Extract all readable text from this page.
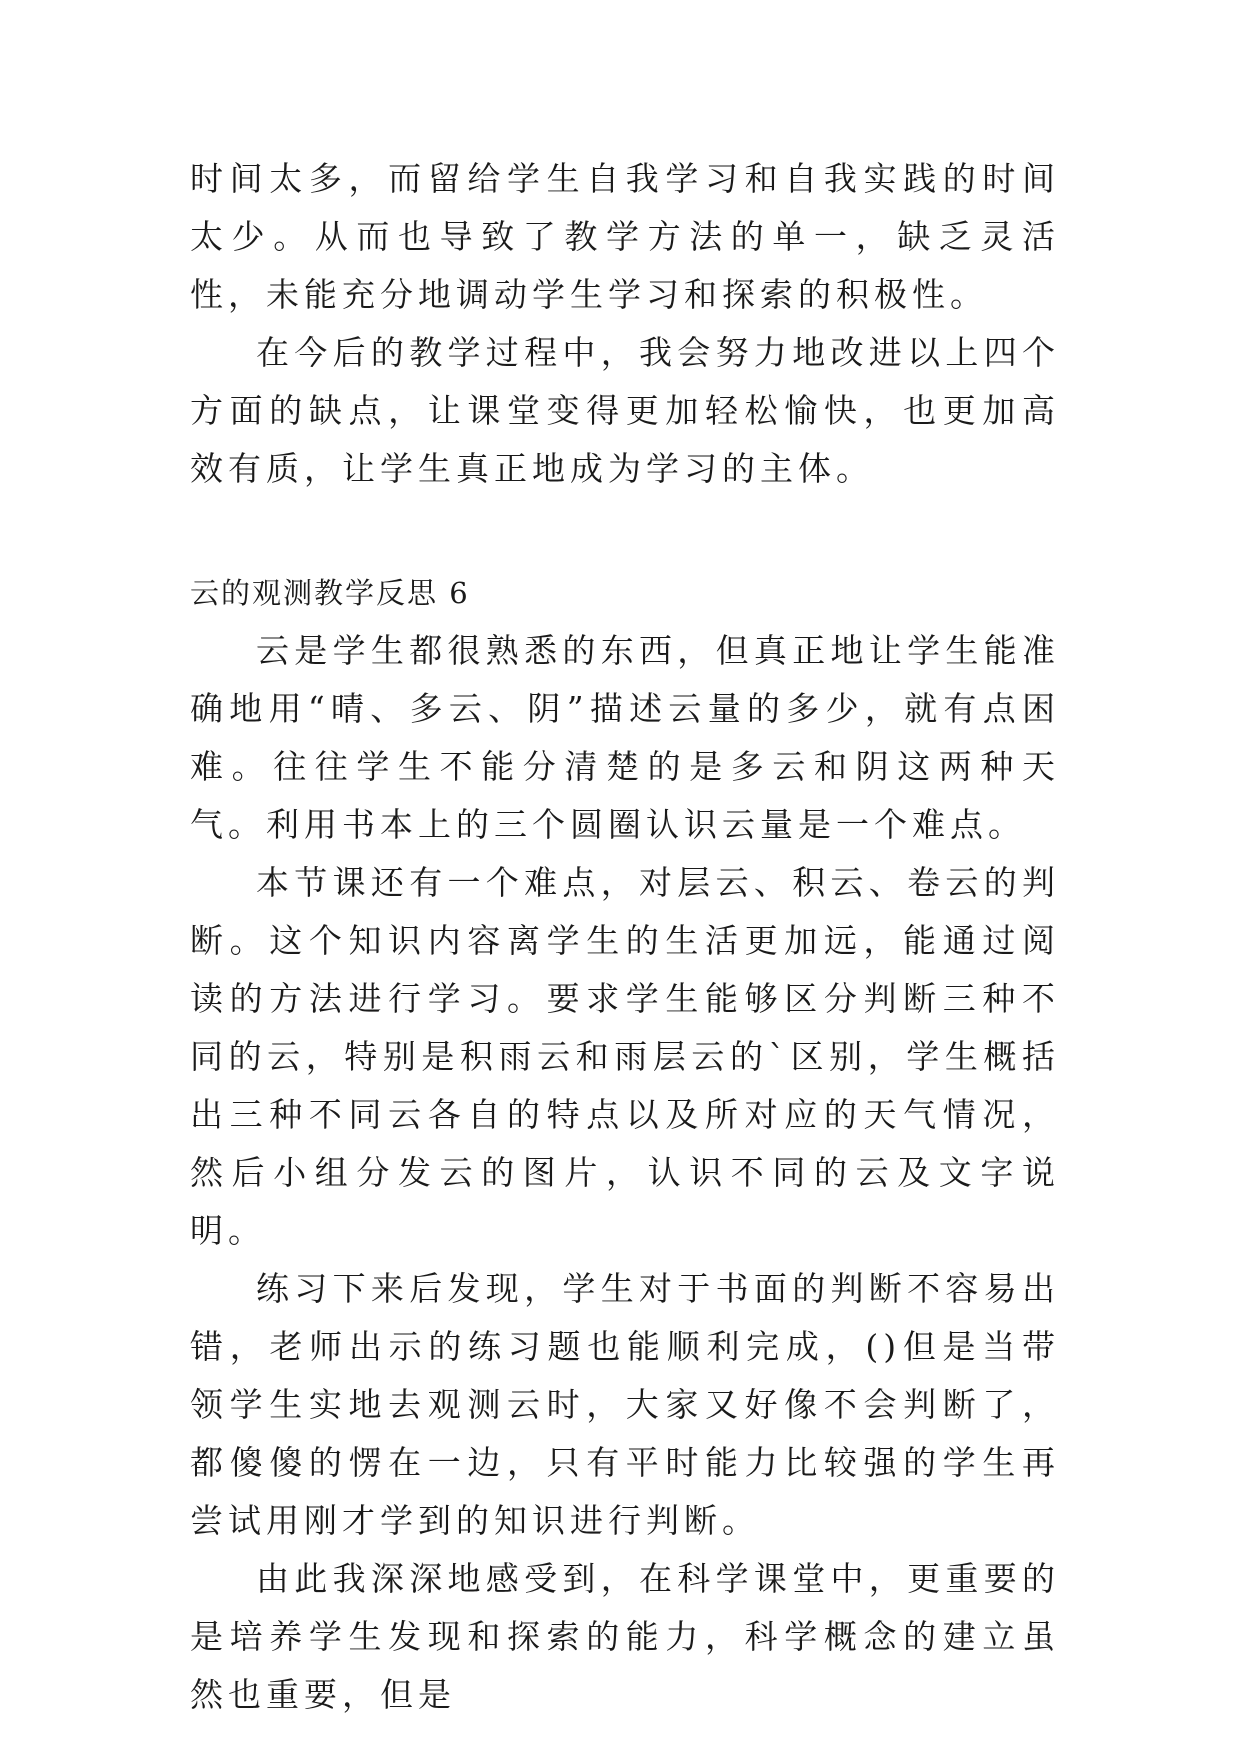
时间太多，而留给学生自我学习和自我实践的时间太少。从而也导致了教学方法的单一，缺乏灵活性，未能充分地调动学生学习和探索的积极性。

在今后的教学过程中，我会努力地改进以上四个方面的缺点，让课堂变得更加轻松愉快，也更加高效有质，让学生真正地成为学习的主体。

云的观测教学反思 6

云是学生都很熟悉的东西，但真正地让学生能准确地用“晴、多云、阴”描述云量的多少，就有点困难。往往学生不能分清楚的是多云和阴这两种天气。利用书本上的三个圆圈认识云量是一个难点。

本节课还有一个难点，对层云、积云、卷云的判断。这个知识内容离学生的生活更加远，能通过阅读的方法进行学习。要求学生能够区分判断三种不同的云，特别是积雨云和雨层云的`区别，学生概括出三种不同云各自的特点以及所对应的天气情况，然后小组分发云的图片，认识不同的云及文字说明。

练习下来后发现，学生对于书面的判断不容易出错，老师出示的练习题也能顺利完成，()但是当带领学生实地去观测云时，大家又好像不会判断了，都傻傻的愣在一边，只有平时能力比较强的学生再尝试用刚才学到的知识进行判断。

由此我深深地感受到，在科学课堂中，更重要的是培养学生发现和探索的能力，科学概念的建立虽然也重要，但是
